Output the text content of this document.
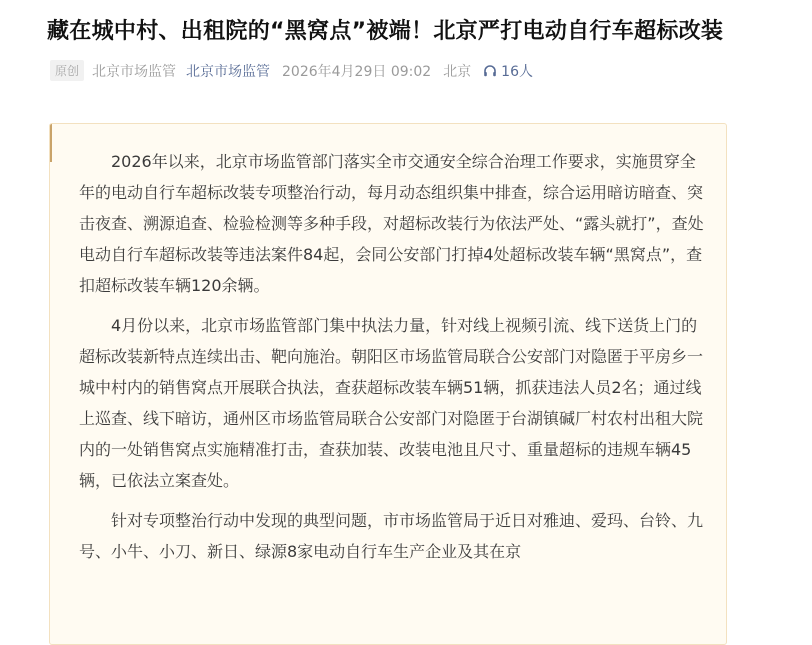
藏在城中村、出租院的“黑窝点”被端！北京严打电动自行车超标改装
原创 北京市场监管 北京市场监管 2026年4月29日 09:02 北京 16人

2026年以来，北京市场监管部门落实全市交通安全综合治理工作要求，实施贯穿全年的电动自行车超标改装专项整治行动，每月动态组织集中排查，综合运用暗访暗查、突击夜查、溯源追查、检验检测等多种手段，对超标改装行为依法严处、“露头就打”，查处电动自行车超标改装等违法案件84起，会同公安部门打掉4处超标改装车辆“黑窝点”，查扣超标改装车辆120余辆。

4月份以来，北京市场监管部门集中执法力量，针对线上视频引流、线下送货上门的超标改装新特点连续出击、靶向施治。朝阳区市场监管局联合公安部门对隐匿于平房乡一城中村内的销售窝点开展联合执法，查获超标改装车辆51辆，抓获违法人员2名；通过线上巡查、线下暗访，通州区市场监管局联合公安部门对隐匿于台湖镇碱厂村农村出租大院内的一处销售窝点实施精准打击，查获加装、改装电池且尺寸、重量超标的违规车辆45辆，已依法立案查处。

针对专项整治行动中发现的典型问题，市市场监管局于近日对雅迪、爱玛、台铃、九号、小牛、小刀、新日、绿源8家电动自行车生产企业及其在京
